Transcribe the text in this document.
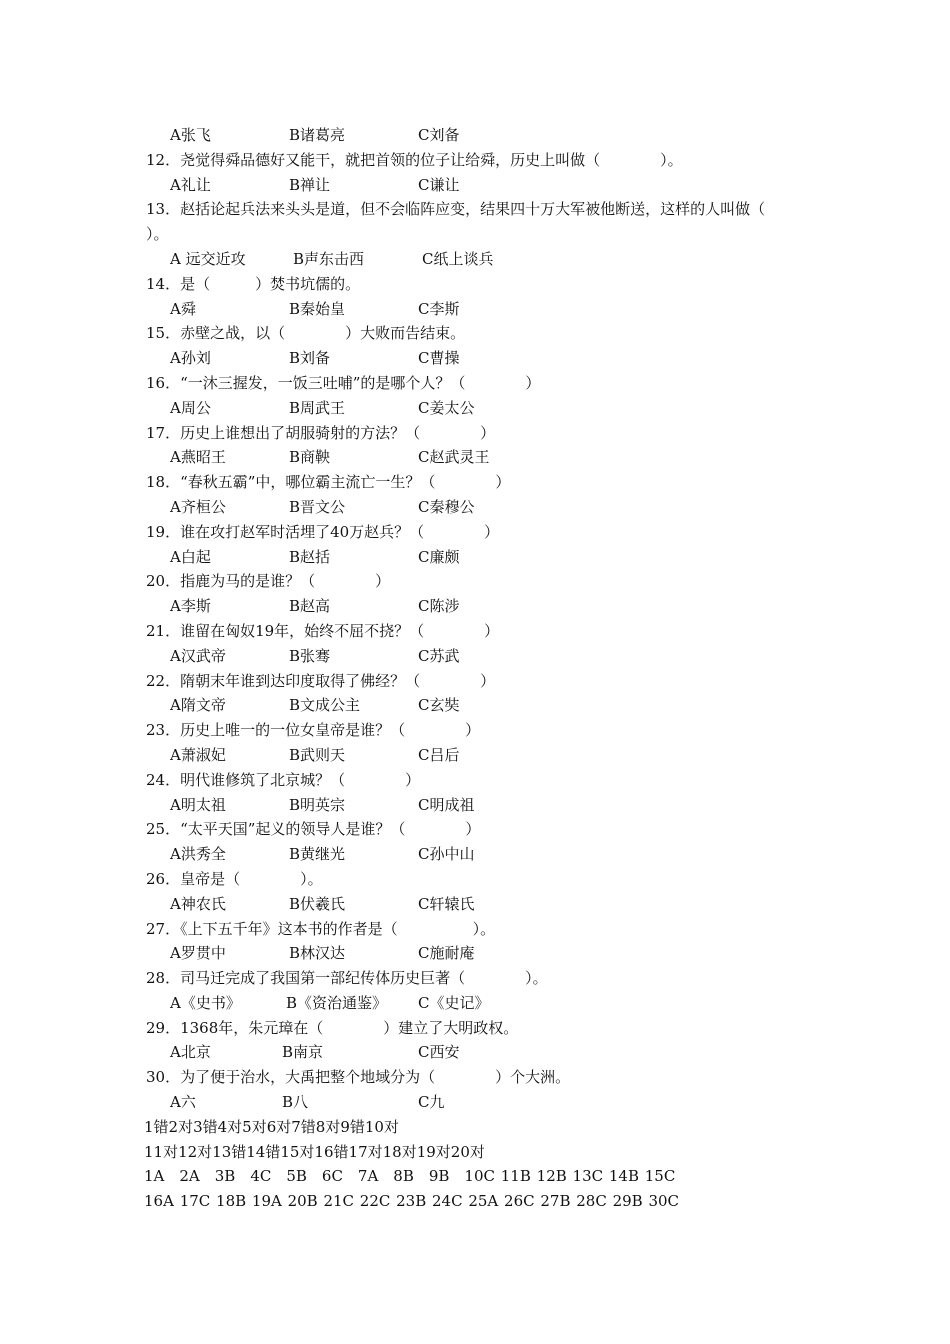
A张飞	B诸葛亮	C刘备
12．尧觉得舜品德好又能干，就把首领的位子让给舜，历史上叫做（　　　　）。
A礼让	B禅让	C谦让
13．赵括论起兵法来头头是道，但不会临阵应变，结果四十万大军被他断送，这样的人叫做（
）。
A 远交近攻	B声东击西	C纸上谈兵
14．是（　　　）焚书坑儒的。
A舜	B秦始皇	C李斯
15．赤壁之战，以（　　　　）大败而告结束。
A孙刘	B刘备	C曹操
16．“一沐三握发，一饭三吐哺”的是哪个人？（　　　　）
A周公	B周武王	C姜太公
17．历史上谁想出了胡服骑射的方法？（　　　　）
A燕昭王	B商鞅	C赵武灵王
18．“春秋五霸”中，哪位霸主流亡一生？（　　　　）
A齐桓公	B晋文公	C秦穆公
19．谁在攻打赵军时活埋了40万赵兵？（　　　　）
A白起	B赵括	C廉颇
20．指鹿为马的是谁？（　　　　）
A李斯	B赵高	C陈涉
21．谁留在匈奴19年，始终不屈不挠？（　　　　）
A汉武帝	B张骞	C苏武
22．隋朝末年谁到达印度取得了佛经？（　　　　）
A隋文帝	B文成公主	C玄奘
23．历史上唯一的一位女皇帝是谁？（　　　　）
A萧淑妃	B武则天	C吕后
24．明代谁修筑了北京城？（　　　　）
A明太祖	B明英宗	C明成祖
25．“太平天国”起义的领导人是谁？（　　　　）
A洪秀全	B黄继光	C孙中山
26．皇帝是（　　　　）。
A神农氏	B伏羲氏	C轩辕氏
27．《上下五千年》这本书的作者是（　　　　　）。
A罗贯中	B林汉达	C施耐庵
28．司马迁完成了我国第一部纪传体历史巨著（　　　　）。
A《史书》	B《资治通鉴》 C《史记》
29．1368年，朱元璋在（　　　　）建立了大明政权。
A北京	B南京	C西安
30．为了便于治水，大禹把整个地域分为（　　　　）个大洲。
A六	B八	C九
1错2对3错4对5对6对7错8对9错10对
11对12对13错14错15对16错17对18对19对20对
1A　2A　3B　4C　5B　6C　7A　8B　9B　10C 11B 12B 13C 14B 15C
16A 17C 18B 19A 20B 21C 22C 23B 24C 25A 26C 27B 28C 29B 30C
